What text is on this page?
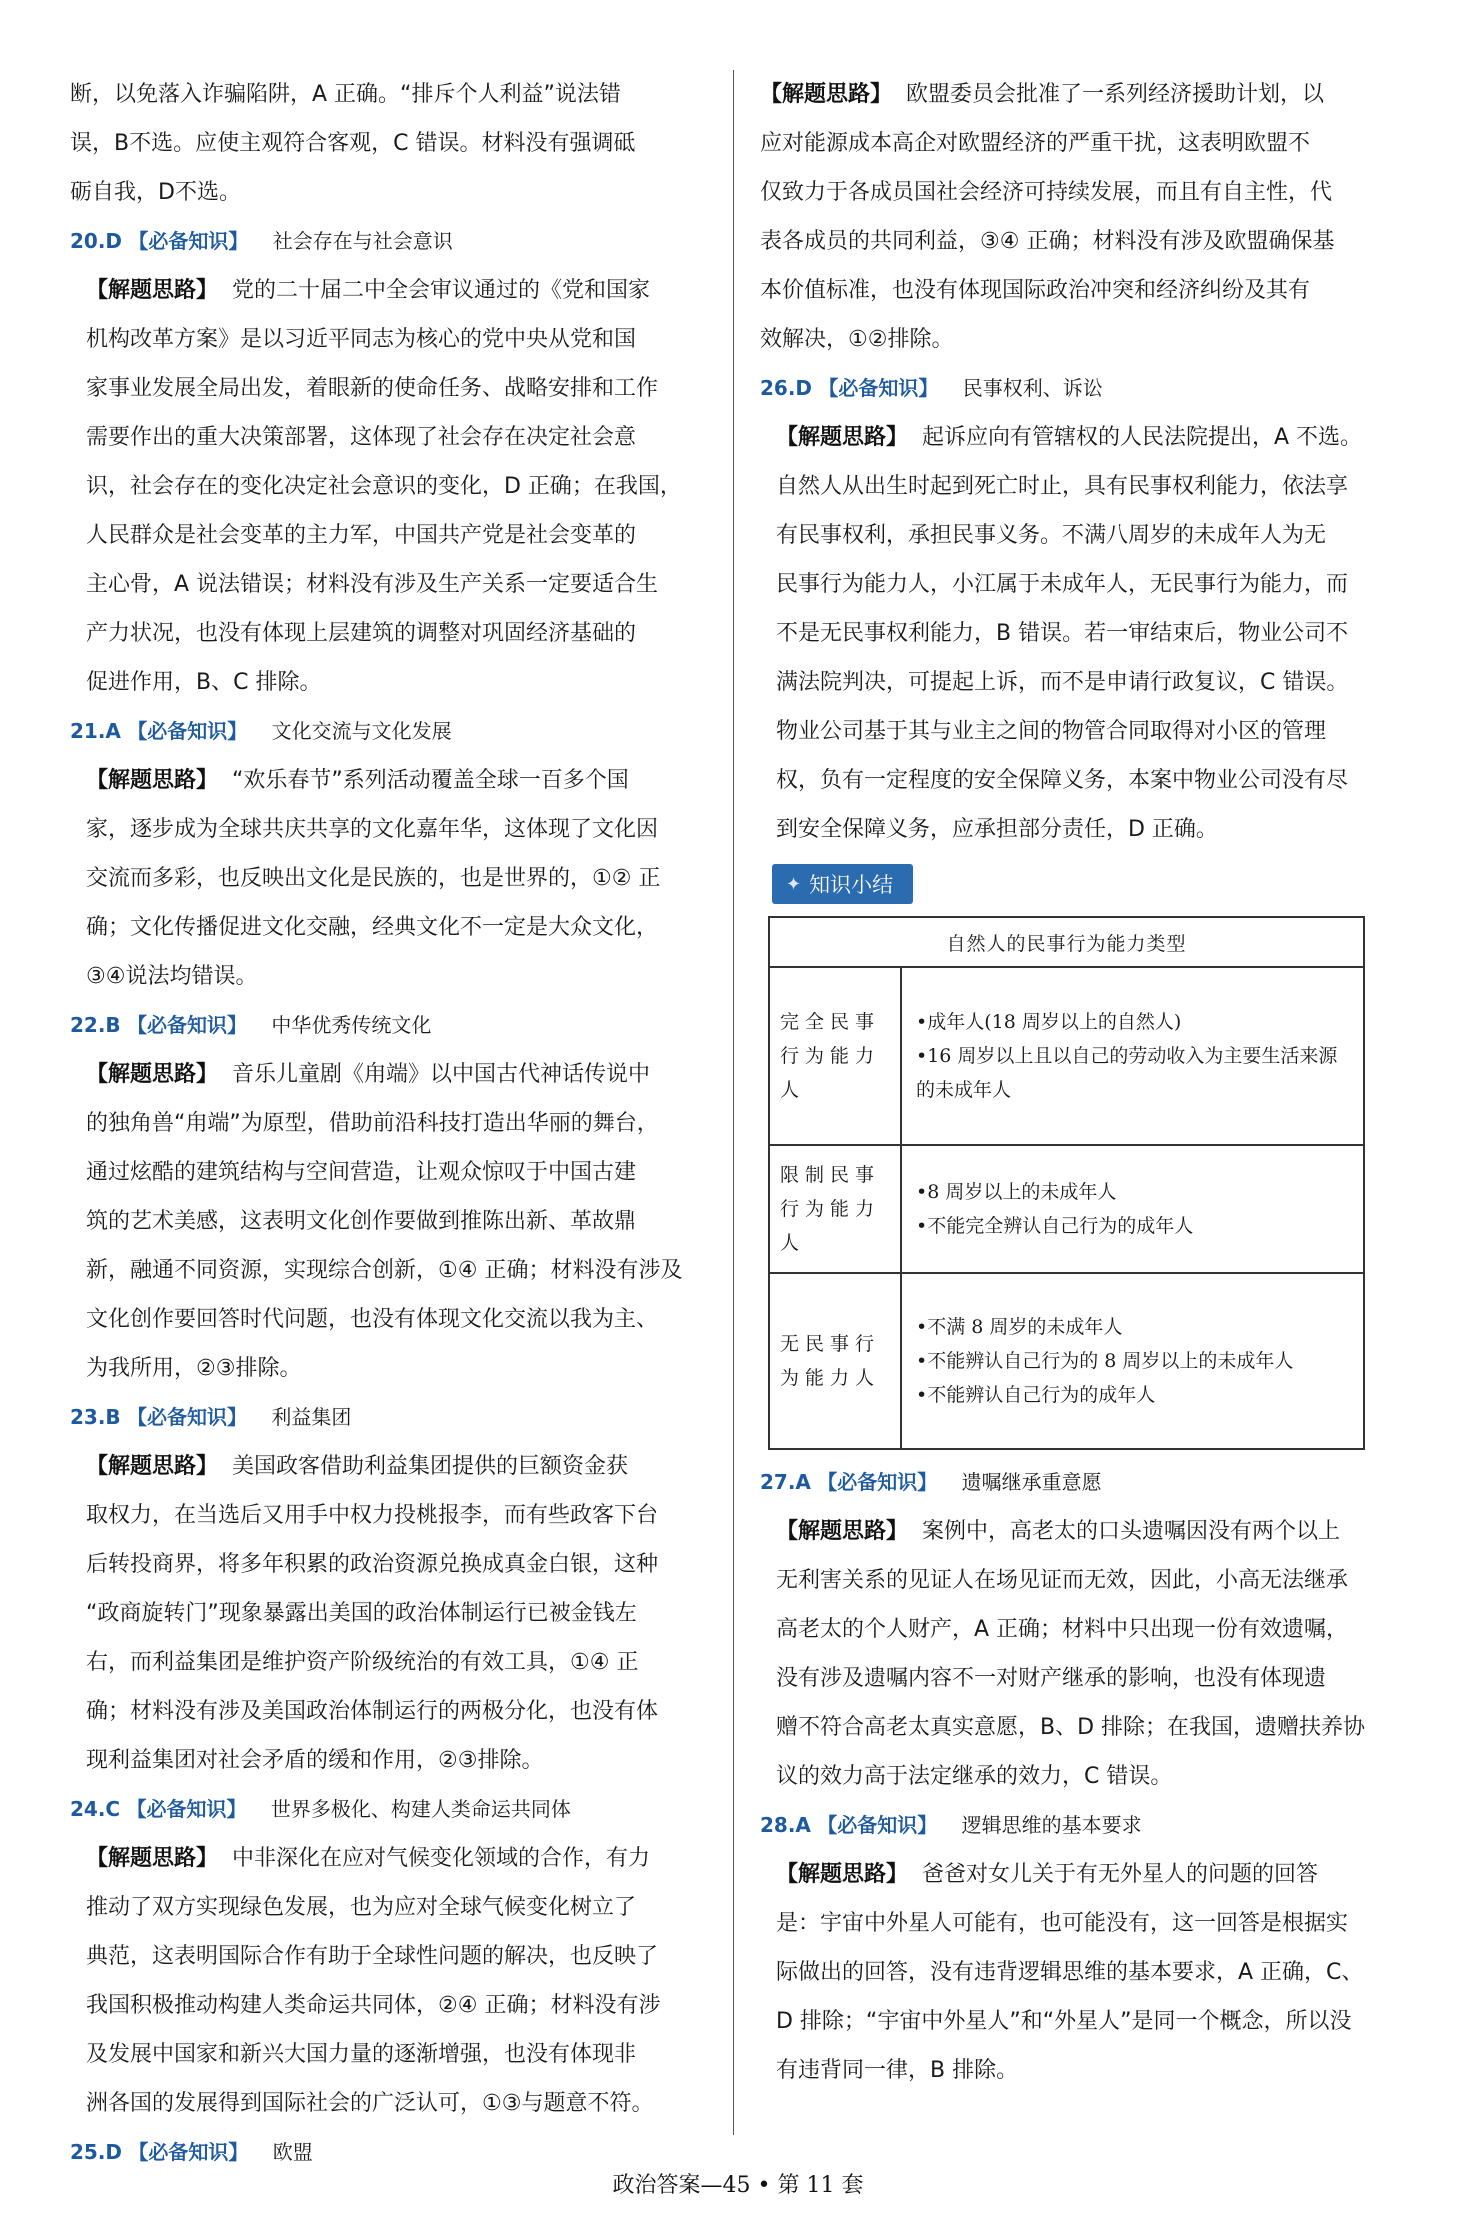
断，以免落入诈骗陷阱，A 正确。“排斥个人利益”说法错

误，B不选。应使主观符合客观，C 错误。材料没有强调砥

砺自我，D不选。

20.D 【必备知识】 社会存在与社会意识

【解题思路】 党的二十届二中全会审议通过的《党和国家

机构改革方案》是以习近平同志为核心的党中央从党和国

家事业发展全局出发，着眼新的使命任务、战略安排和工作

需要作出的重大决策部署，这体现了社会存在决定社会意

识，社会存在的变化决定社会意识的变化，D 正确；在我国，

人民群众是社会变革的主力军，中国共产党是社会变革的

主心骨，A 说法错误；材料没有涉及生产关系一定要适合生

产力状况，也没有体现上层建筑的调整对巩固经济基础的

促进作用，B、C 排除。

21.A 【必备知识】 文化交流与文化发展

【解题思路】 “欢乐春节”系列活动覆盖全球一百多个国

家，逐步成为全球共庆共享的文化嘉年华，这体现了文化因

交流而多彩，也反映出文化是民族的，也是世界的，①② 正

确；文化传播促进文化交融，经典文化不一定是大众文化，

③④说法均错误。

22.B 【必备知识】 中华优秀传统文化

【解题思路】 音乐儿童剧《甪端》以中国古代神话传说中

的独角兽“甪端”为原型，借助前沿科技打造出华丽的舞台，

通过炫酷的建筑结构与空间营造，让观众惊叹于中国古建

筑的艺术美感，这表明文化创作要做到推陈出新、革故鼎

新，融通不同资源，实现综合创新，①④ 正确；材料没有涉及

文化创作要回答时代问题，也没有体现文化交流以我为主、

为我所用，②③排除。

23.B 【必备知识】 利益集团

【解题思路】 美国政客借助利益集团提供的巨额资金获

取权力，在当选后又用手中权力投桃报李，而有些政客下台

后转投商界，将多年积累的政治资源兑换成真金白银，这种

“政商旋转门”现象暴露出美国的政治体制运行已被金钱左

右，而利益集团是维护资产阶级统治的有效工具，①④ 正

确；材料没有涉及美国政治体制运行的两极分化，也没有体

现利益集团对社会矛盾的缓和作用，②③排除。

24.C 【必备知识】 世界多极化、构建人类命运共同体

【解题思路】 中非深化在应对气候变化领域的合作，有力

推动了双方实现绿色发展，也为应对全球气候变化树立了

典范，这表明国际合作有助于全球性问题的解决，也反映了

我国积极推动构建人类命运共同体，②④ 正确；材料没有涉

及发展中国家和新兴大国力量的逐渐增强，也没有体现非

洲各国的发展得到国际社会的广泛认可，①③与题意不符。

25.D 【必备知识】 欧盟

【解题思路】 欧盟委员会批准了一系列经济援助计划，以

应对能源成本高企对欧盟经济的严重干扰，这表明欧盟不

仅致力于各成员国社会经济可持续发展，而且有自主性，代

表各成员的共同利益，③④ 正确；材料没有涉及欧盟确保基

本价值标准，也没有体现国际政治冲突和经济纠纷及其有

效解决，①②排除。

26.D 【必备知识】 民事权利、诉讼

【解题思路】 起诉应向有管辖权的人民法院提出，A 不选。

自然人从出生时起到死亡时止，具有民事权利能力，依法享

有民事权利，承担民事义务。不满八周岁的未成年人为无

民事行为能力人，小江属于未成年人，无民事行为能力，而

不是无民事权利能力，B 错误。若一审结束后，物业公司不

满法院判决，可提起上诉，而不是申请行政复议，C 错误。

物业公司基于其与业主之间的物管合同取得对小区的管理

权，负有一定程度的安全保障义务，本案中物业公司没有尽

到安全保障义务，应承担部分责任，D 正确。

✦ 知识小结
自然人的民事行为能力类型	
完全民事行为能力人	•成年人(18 周岁以上的自然人)
•16 周岁以上且以自己的劳动收入为主要生活来源的未成年人

限制民事行为能力人	•8 周岁以上的未成年人
•不能完全辨认自己行为的成年人

无民事行为能力人	•不满 8 周岁的未成年人
•不能辨认自己行为的 8 周岁以上的未成年人
•不能辨认自己行为的成年人

27.A 【必备知识】 遗嘱继承重意愿

【解题思路】 案例中，高老太的口头遗嘱因没有两个以上

无利害关系的见证人在场见证而无效，因此，小高无法继承

高老太的个人财产，A 正确；材料中只出现一份有效遗嘱，

没有涉及遗嘱内容不一对财产继承的影响，也没有体现遗

赠不符合高老太真实意愿，B、D 排除；在我国，遗赠扶养协

议的效力高于法定继承的效力，C 错误。

28.A 【必备知识】 逻辑思维的基本要求

【解题思路】 爸爸对女儿关于有无外星人的问题的回答

是：宇宙中外星人可能有，也可能没有，这一回答是根据实

际做出的回答，没有违背逻辑思维的基本要求，A 正确，C、

D 排除；“宇宙中外星人”和“外星人”是同一个概念，所以没

有违背同一律，B 排除。

政治答案—45 • 第 11 套
